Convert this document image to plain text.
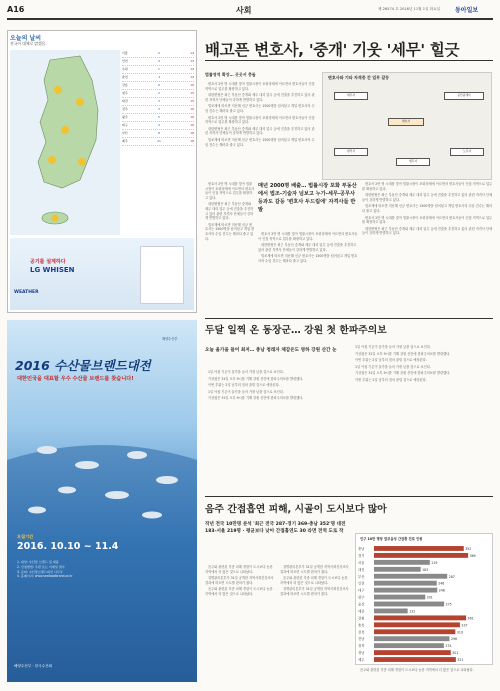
A16	사회	제 26574 호 2016년 11월 1일 화요일 동아일보
오늘의 날씨
전국이 대체로 맑겠음.
서울	2	14
인천	4	13
수원	1	14
춘천	-1	14
강릉	6	16
청주	2	15
대전	3	15
전주	3	16
광주	5	16
대구	4	16
부산	8	18
제주	11	18
공기를 설계하다
LG WHISEN
WEATHER
배고픈 변호사, '중개' 기웃 '세무' 힐긋
법률영역 확장… 곳곳서 충돌

변호사 2만 명 시대를 맞아 법률시장이 포화상태에 이르면서 변호사들이 인접 직역으로 업무를 확장하고 있다.

대한변협은 최근 부동산 중개와 세무 대리 업무 등에 진출을 추진하고 있어 관련 자격사 단체들이 강하게 반발하고 있다.

법조계에 따르면 지난해 신규 변호사는 1500명을 넘어섰고 개업 변호사의 수임 건수는 해마다 줄고 있다.

변호사 2만 명 시대를 맞아 법률시장이 포화상태에 이르면서 변호사들이 인접 직역으로 업무를 확장하고 있다.

대한변협은 최근 부동산 중개와 세무 대리 업무 등에 진출을 추진하고 있어 관련 자격사 단체들이 강하게 반발하고 있다.

법조계에 따르면 지난해 신규 변호사는 1500명을 넘어섰고 개업 변호사의 수임 건수는 해마다 줄고 있다.

변호사와 기타 자격증 간 업무 갈등
변호사
세무사	공인중개사
변리사
법무사
노무사
매년 2000명 배출… 법률시장 포화 부동산 에서 법조-기술자 넘보고 누가-세무-공무사 등과도 갈등 '변호사 두드림에' 자격사들 반발

변호사 2만 명 시대를 맞아 법률시장이 포화상태에 이르면서 변호사들이 인접 직역으로 업무를 확장하고 있다.

대한변협은 최근 부동산 중개와 세무 대리 업무 등에 진출을 추진하고 있어 관련 자격사 단체들이 강하게 반발하고 있다.

법조계에 따르면 지난해 신규 변호사는 1500명을 넘어섰고 개업 변호사의 수임 건수는 해마다 줄고 있다.

변호사 2만 명 시대를 맞아 법률시장이 포화상태에 이르면서 변호사들이 인접 직역으로 업무를 확장하고 있다.

대한변협은 최근 부동산 중개와 세무 대리 업무 등에 진출을 추진하고 있어 관련 자격사 단체들이 강하게 반발하고 있다.

법조계에 따르면 지난해 신규 변호사는 1500명을 넘어섰고 개업 변호사의 수임 건수는 해마다 줄고 있다.

변호사 2만 명 시대를 맞아 법률시장이 포화상태에 이르면서 변호사들이 인접 직역으로 업무를 확장하고 있다.

대한변협은 최근 부동산 중개와 세무 대리 업무 등에 진출을 추진하고 있어 관련 자격사 단체들이 강하게 반발하고 있다.

법조계에 따르면 지난해 신규 변호사는 1500명을 넘어섰고 개업 변호사의 수임 건수는 해마다 줄고 있다.

변호사 2만 명 시대를 맞아 법률시장이 포화상태에 이르면서 변호사들이 인접 직역으로 업무를 확장하고 있다.

대한변협은 최근 부동산 중개와 세무 대리 업무 등에 진출을 추진하고 있어 관련 자격사 단체들이 강하게 반발하고 있다.

해양수산부
2016 수산물브랜드대전
대한민국을 대표할 우수 수산물 브랜드를 찾습니다!
모집기간
2016. 10.10 ~ 11.4
1. 대상: 수산물 브랜드 및 제품
2. 신청방법: 우편 또는 이메일 접수
3. 문의: 수산물브랜드대전 사무국
4. 홈페이지: www.seafoodbrand.or.kr
해양수산부 · 한국수산회
두달 일찍 온 동장군… 강원 첫 한파주의보
오늘 올가을 들어 최저… 충남 청래자 체감온도 영하 강원 산간 눈

1일 아침 기온이 올가을 들어 가장 낮을 것으로 보인다.

기상청은 31일 오후 9시를 기해 강원 산간에 한파주의보를 발령했다.

이번 추위는 2일 낮부터 점차 풀릴 것으로 예상된다.

1일 아침 기온이 올가을 들어 가장 낮을 것으로 보인다.

기상청은 31일 오후 9시를 기해 강원 산간에 한파주의보를 발령했다.

1일 아침 기온이 올가을 들어 가장 낮을 것으로 보인다.

기상청은 31일 오후 9시를 기해 강원 산간에 한파주의보를 발령했다.

이번 추위는 2일 낮부터 점차 풀릴 것으로 예상된다.

1일 아침 기온이 올가을 들어 가장 낮을 것으로 보인다.

기상청은 31일 오후 9시를 기해 강원 산간에 한파주의보를 발령했다.

이번 추위는 2일 낮부터 점차 풀릴 것으로 예상된다.

음주 간접흡연 피해, 시골이 도시보다 많아
작년 전국 10만명 분석 '최근 전국 287-경기 369-충남 352'명 대전 183-서울 219명 · 평균보다 낮아 간접흡연도 30 라면 전역 도로 작

음주와 관련된 각종 피해 경험이 도시보다 농촌 지역에서 더 많은 것으로 나타났다.

질병관리본부가 31일 공개한 지역사회건강조사 결과에 따르면 시도별 편차가 컸다.

음주와 관련된 각종 피해 경험이 도시보다 농촌 지역에서 더 많은 것으로 나타났다.

질병관리본부가 31일 공개한 지역사회건강조사 결과에 따르면 시도별 편차가 컸다.

음주와 관련된 각종 피해 경험이 도시보다 농촌 지역에서 더 많은 것으로 나타났다.

질병관리본부가 31일 공개한 지역사회건강조사 결과에 따르면 시도별 편차가 컸다.

음주와 관련된 각종 피해 경험이 도시보다 농촌 지역에서 더 많은 것으로 나타났다.

인구 10만 명당 알코올성 간질환 진료 인원
충남	352
경기	369
서울	219
대전	183
부산	287
인천	246
대구	248
광주	201
울산	275
세종	132
강원	361
충북	337
전북	319
전남	296
경북	274
경남	301
제주	321
